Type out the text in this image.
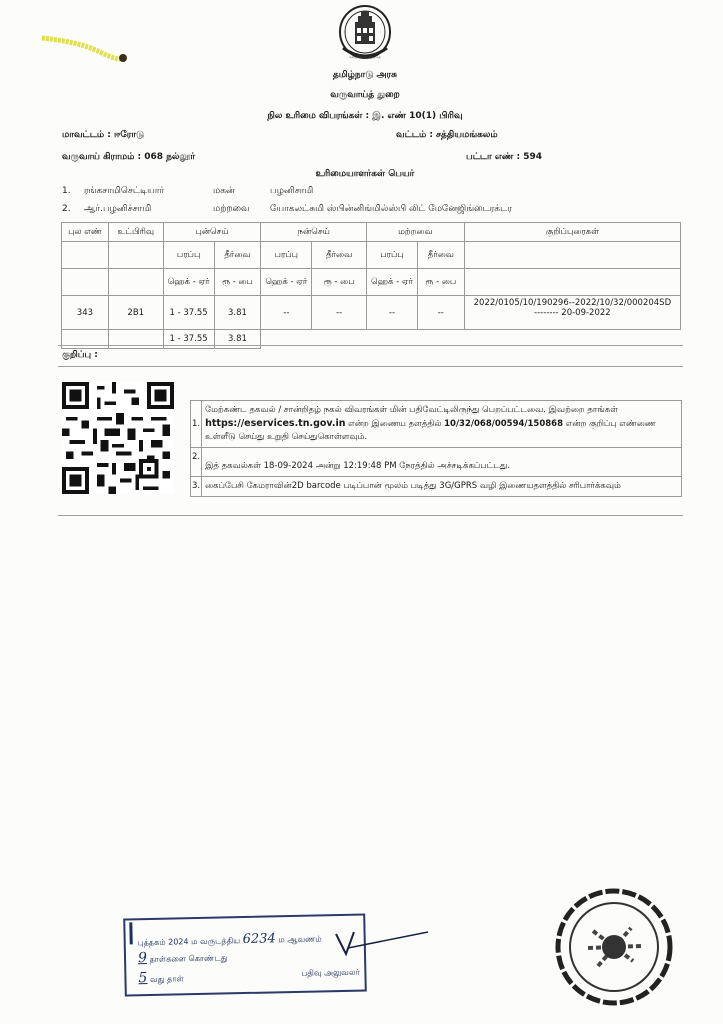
சத்யமேவ ஜயதே
தமிழ்நாடு அரசு
வருவாய்த் துறை
நில உரிமை விபரங்கள் : இ. எண் 10(1) பிரிவு
மாவட்டம் : ஈரோடு	வட்டம் : சத்தியமங்கலம்
வருவாய் கிராமம் : 068 நல்லூர்	பட்டா எண் : 594
உரிமையாளர்கள் பெயர்
1. ரங்கசாமிசெட்டியார்	மகன்	பழனிசாமி
2. ஆர்.பழனிச்சாமி	மற்றவை யோகலட்சுமி ஸ்பின்னிங்மில்ஸ்பி லிட் மேனேஜிங்டைரக்டர
புல எண்	உட்பிரிவு	புன்செய்		நன்செய்		மற்றவை		குறிப்புரைகள்
		பரப்பு	தீர்வை	பரப்பு	தீர்வை	பரப்பு	தீர்வை	
		ஹெக் - ஏர்	ரூ - பை	ஹெக் - ஏர்	ரூ - பை	ஹெக் - ஏர்	ரூ - பை	
343	2B1	1 - 37.55	3.81	--	--	--	--	2022/0105/10/190296--2022/10/32/000204SD
-------- 20-09-2022

		1 - 37.55	3.81					
குறிப்பு :
1.	மேற்கண்ட தகவல் / சான்றிதழ் நகல் விவரங்கள் மின் பதிவேட்டிலிருந்து பெறப்பட்டவை. இவற்றை தாங்கள் https://eservices.tn.gov.in என்ற இணைய தளத்தில் 10/32/068/00594/150868 என்ற குறிப்பு எண்ணை உள்ளீடு செய்து உறுதி செய்துகொள்ளவும்.
2.	இத் தகவல்கள் 18-09-2024 அன்று 12:19:48 PM நேரத்தில் அச்சடிக்கப்பட்டது.
3.	கைப்பேசி கேமராவின்2D barcode படிப்பான் மூலம் படித்து 3G/GPRS வழி இணையதளத்தில் சரிபார்க்கவும்
புத்தகம் 2024 ம வருடத்திய 6234 ம ஆவணம்
9 தாள்களை கொண்டது
5 வது தாள்
பதிவு அலுவலர்
